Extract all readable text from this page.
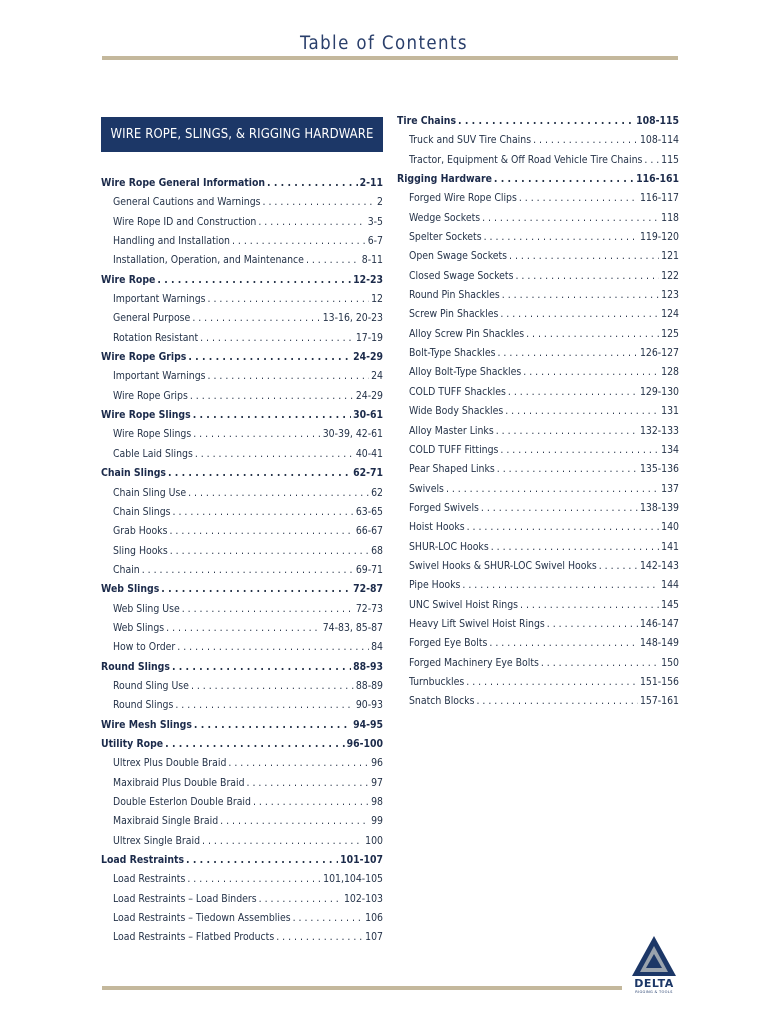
Table of Contents
WIRE ROPE, SLINGS, & RIGGING HARDWARE
Wire Rope General Information . . .	2-11
General Cautions and Warnings . . .	2
Wire Rope ID and Construction . . .	3-5
Handling and Installation . . .	6-7
Installation, Operation, and Maintenance . . .	8-11
Wire Rope . . .	12-23
Important Warnings . . .	12
General Purpose . . .	13-16, 20-23
Rotation Resistant . . .	17-19
Wire Rope Grips . . .	24-29
Important Warnings . . .	24
Wire Rope Grips . . .	24-29
Wire Rope Slings . . .	30-61
Wire Rope Slings . . .	30-39, 42-61
Cable Laid Slings . . .	40-41
Chain Slings . . .	62-71
Chain Sling Use . . .	62
Chain Slings . . .	63-65
Grab Hooks . . .	66-67
Sling Hooks . . .	68
Chain . . .	69-71
Web Slings . . .	72-87
Web Sling Use . . .	72-73
Web Slings . . .	74-83, 85-87
How to Order . . .	84
Round Slings . . .	88-93
Round Sling Use . . .	88-89
Round Slings . . .	90-93
Wire Mesh Slings . . .	94-95
Utility Rope . . .	96-100
Ultrex Plus Double Braid . . .	96
Maxibraid Plus Double Braid . . .	97
Double Esterlon Double Braid . . .	98
Maxibraid Single Braid . . .	99
Ultrex Single Braid . . .	100
Load Restraints . . .	101-107
Load Restraints . . .	101,104-105
Load Restraints – Load Binders . . .	102-103
Load Restraints – Tiedown Assemblies . . .	106
Load Restraints – Flatbed Products . . .	107
Tire Chains . . .	108-115
Truck and SUV Tire Chains . . .	108-114
Tractor, Equipment & Off Road Vehicle Tire Chains . . . 115
Rigging Hardware . . .	116-161
Forged Wire Rope Clips . . .	116-117
Wedge Sockets . . .	118
Spelter Sockets . . .	119-120
Open Swage Sockets . . .	121
Closed Swage Sockets . . .	122
Round Pin Shackles . . .	123
Screw Pin Shackles . . .	124
Alloy Screw Pin Shackles . . .	125
Bolt-Type Shackles . . .	126-127
Alloy Bolt-Type Shackles . . .	128
COLD TUFF Shackles . . .	129-130
Wide Body Shackles . . .	131
Alloy Master Links . . .	132-133
COLD TUFF Fittings . . .	134
Pear Shaped Links . . .	135-136
Swivels . . .	137
Forged Swivels . . .	138-139
Hoist Hooks . . .	140
SHUR-LOC Hooks . . .	141
Swivel Hooks & SHUR-LOC Swivel Hooks . . .	142-143
Pipe Hooks . . .	144
UNC Swivel Hoist Rings . . .	145
Heavy Lift Swivel Hoist Rings . . .	146-147
Forged Eye Bolts . . .	148-149
Forged Machinery Eye Bolts . . .	150
Turnbuckles . . .	151-156
Snatch Blocks . . .	157-161
DELTA
RIGGING & TOOLS
